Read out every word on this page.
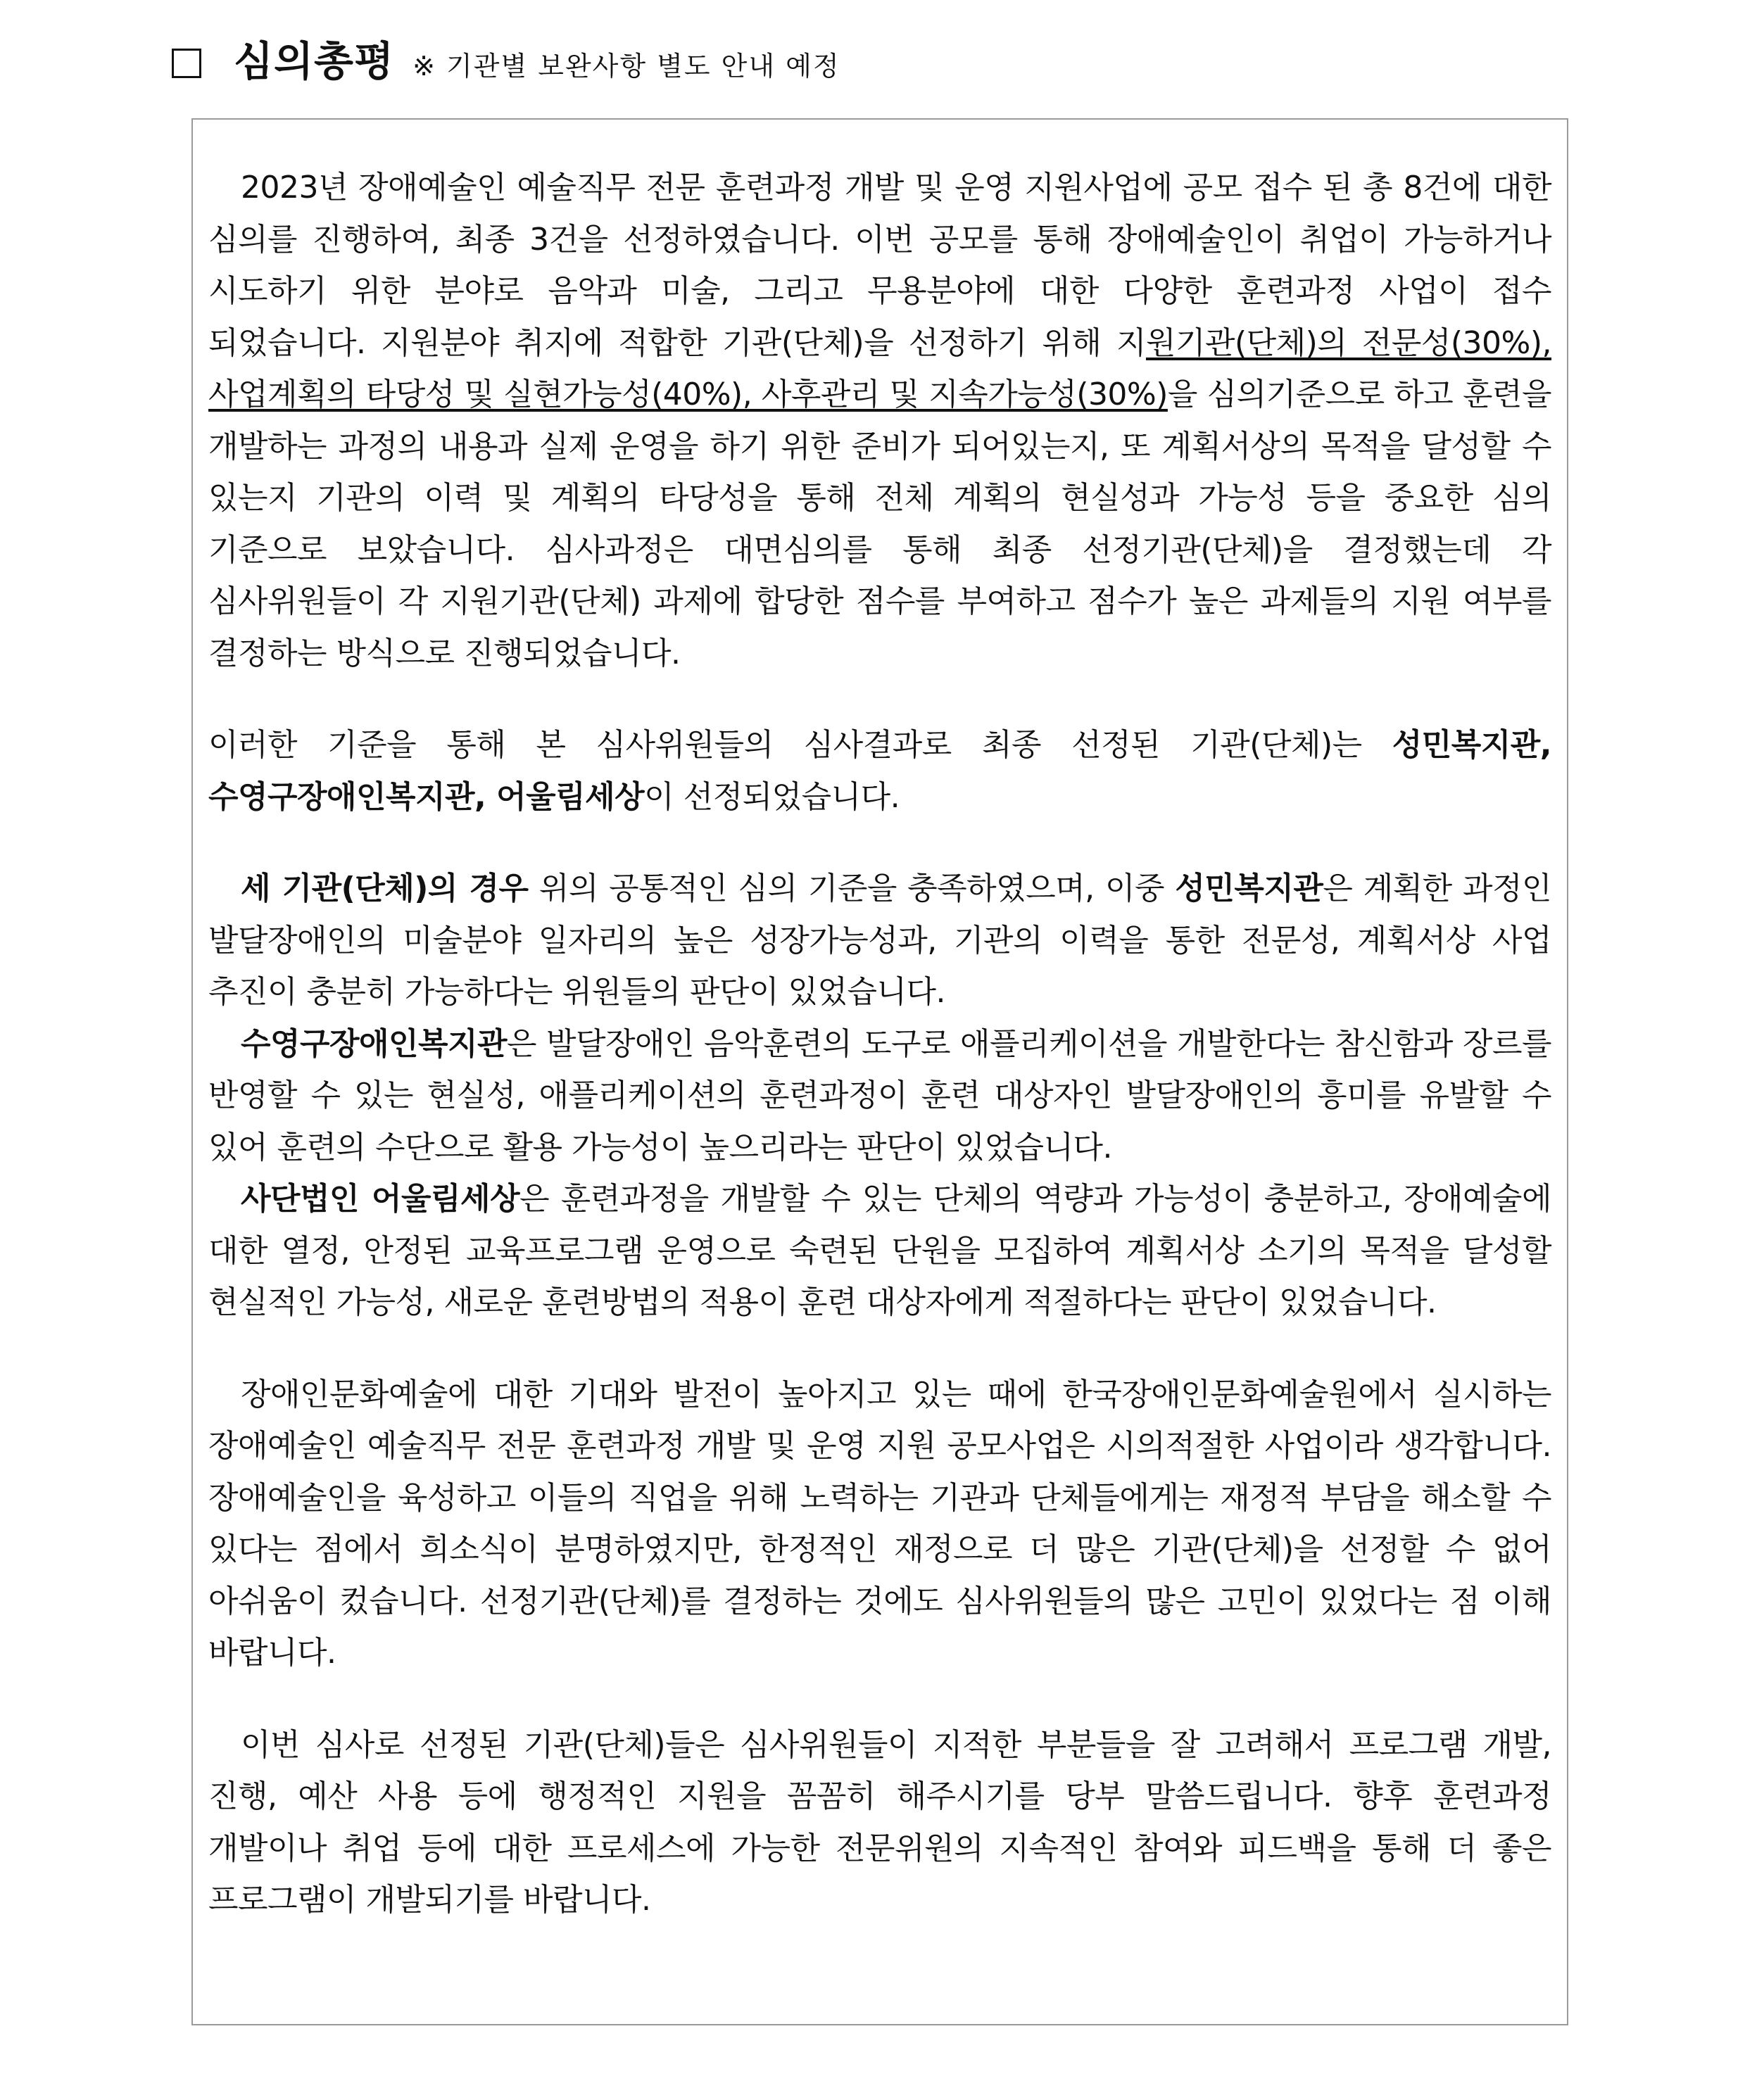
심의총평 ※ 기관별 보완사항 별도 안내 예정

2023년 장애예술인 예술직무 전문 훈련과정 개발 및 운영 지원사업에 공모 접수 된 총 8건에 대한 심의를 진행하여, 최종 3건을 선정하였습니다. 이번 공모를 통해 장애예술인이 취업이 가능하거나 시도하기 위한 분야로 음악과 미술, 그리고 무용분야에 대한 다양한 훈련과정 사업이 접수 되었습니다. 지원분야 취지에 적합한 기관(단체)을 선정하기 위해 지원기관(단체)의 전문성(30%), 사업계획의 타당성 및 실현가능성(40%), 사후관리 및 지속가능성(30%)을 심의기준으로 하고 훈련을 개발하는 과정의 내용과 실제 운영을 하기 위한 준비가 되어있는지, 또 계획서상의 목적을 달성할 수 있는지 기관의 이력 및 계획의 타당성을 통해 전체 계획의 현실성과 가능성 등을 중요한 심의 기준으로 보았습니다. 심사과정은 대면심의를 통해 최종 선정기관(단체)을 결정했는데 각 심사위원들이 각 지원기관(단체) 과제에 합당한 점수를 부여하고 점수가 높은 과제들의 지원 여부를 결정하는 방식으로 진행되었습니다.

이러한 기준을 통해 본 심사위원들의 심사결과로 최종 선정된 기관(단체)는 성민복지관, 수영구장애인복지관, 어울림세상이 선정되었습니다.

세 기관(단체)의 경우 위의 공통적인 심의 기준을 충족하였으며, 이중 성민복지관은 계획한 과정인 발달장애인의 미술분야 일자리의 높은 성장가능성과, 기관의 이력을 통한 전문성, 계획서상 사업 추진이 충분히 가능하다는 위원들의 판단이 있었습니다.

수영구장애인복지관은 발달장애인 음악훈련의 도구로 애플리케이션을 개발한다는 참신함과 장르를 반영할 수 있는 현실성, 애플리케이션의 훈련과정이 훈련 대상자인 발달장애인의 흥미를 유발할 수 있어 훈련의 수단으로 활용 가능성이 높으리라는 판단이 있었습니다.

사단법인 어울림세상은 훈련과정을 개발할 수 있는 단체의 역량과 가능성이 충분하고, 장애예술에 대한 열정, 안정된 교육프로그램 운영으로 숙련된 단원을 모집하여 계획서상 소기의 목적을 달성할 현실적인 가능성, 새로운 훈련방법의 적용이 훈련 대상자에게 적절하다는 판단이 있었습니다.

장애인문화예술에 대한 기대와 발전이 높아지고 있는 때에 한국장애인문화예술원에서 실시하는 장애예술인 예술직무 전문 훈련과정 개발 및 운영 지원 공모사업은 시의적절한 사업이라 생각합니다. 장애예술인을 육성하고 이들의 직업을 위해 노력하는 기관과 단체들에게는 재정적 부담을 해소할 수 있다는 점에서 희소식이 분명하였지만, 한정적인 재정으로 더 많은 기관(단체)을 선정할 수 없어 아쉬움이 컸습니다. 선정기관(단체)를 결정하는 것에도 심사위원들의 많은 고민이 있었다는 점 이해 바랍니다.

이번 심사로 선정된 기관(단체)들은 심사위원들이 지적한 부분들을 잘 고려해서 프로그램 개발, 진행, 예산 사용 등에 행정적인 지원을 꼼꼼히 해주시기를 당부 말씀드립니다. 향후 훈련과정 개발이나 취업 등에 대한 프로세스에 가능한 전문위원의 지속적인 참여와 피드백을 통해 더 좋은 프로그램이 개발되기를 바랍니다.
